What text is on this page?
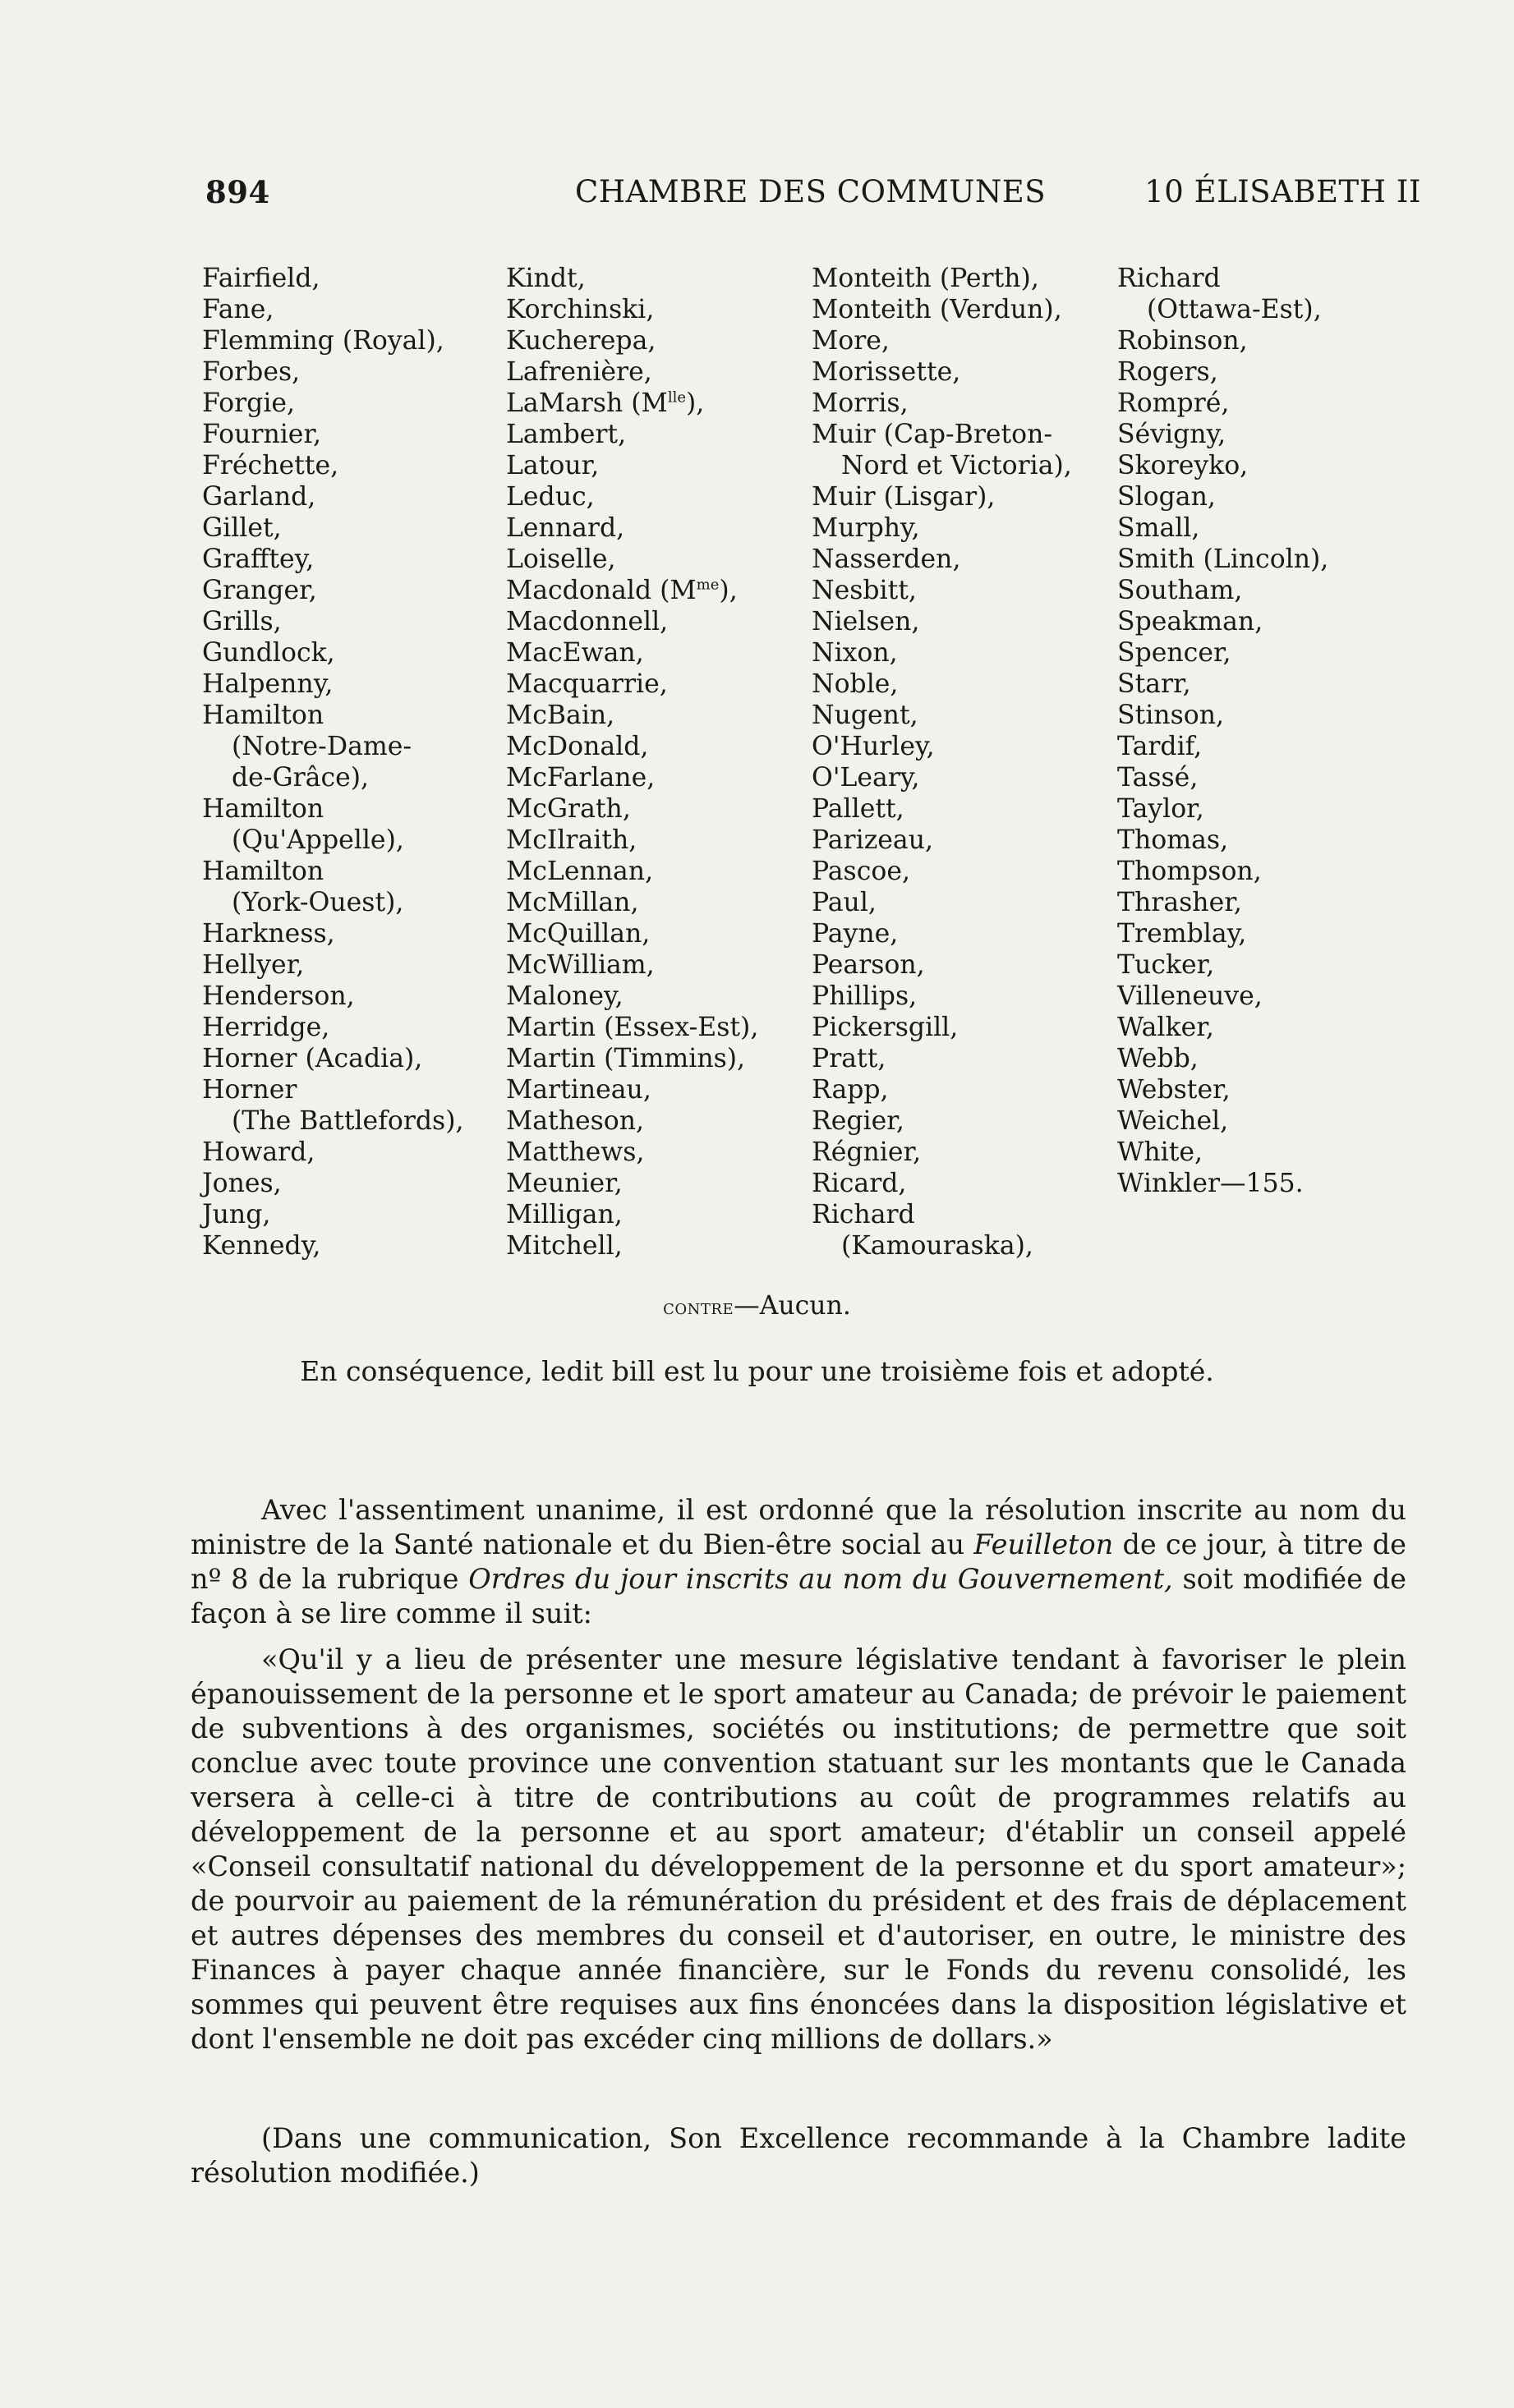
894	CHAMBRE DES COMMUNES	10 ÉLISABETH II
Fairfield,
Fane,
Flemming (Royal),
Forbes,
Forgie,
Fournier,
Fréchette,
Garland,
Gillet,
Grafftey,
Granger,
Grills,
Gundlock,
Halpenny,
Hamilton
(Notre-Dame-
de-Grâce),
Hamilton
(Qu'Appelle),
Hamilton
(York-Ouest),
Harkness,
Hellyer,
Henderson,
Herridge,
Horner (Acadia),
Horner
(The Battlefords),
Howard,
Jones,
Jung,
Kennedy,
Kindt,
Korchinski,
Kucherepa,
Lafrenière,
LaMarsh $(M^{lle})$,
Lambert,
Latour,
Leduc,
Lennard,
Loiselle,
Macdonald $(M^{me})$,
Macdonnell,
MacEwan,
Macquarrie,
McBain,
McDonald,
McFarlane,
McGrath,
McIlraith,
McLennan,
McMillan,
McQuillan,
McWilliam,
Maloney,
Martin (Essex-Est),
Martin (Timmins),
Martineau,
Matheson,
Matthews,
Meunier,
Milligan,
Mitchell,
Monteith (Perth),
Monteith (Verdun),
More,
Morissette,
Morris,
Muir (Cap-Breton-
Nord et Victoria),
Muir (Lisgar),
Murphy,
Nasserden,
Nesbitt,
Nielsen,
Nixon,
Noble,
Nugent,
O'Hurley,
O'Leary,
Pallett,
Parizeau,
Pascoe,
Paul,
Payne,
Pearson,
Phillips,
Pickersgill,
Pratt,
Rapp,
Regier,
Régnier,
Ricard,
Richard
(Kamouraska),
Richard
(Ottawa-Est),
Robinson,
Rogers,
Rompré,
Sévigny,
Skoreyko,
Slogan,
Small,
Smith (Lincoln),
Southam,
Speakman,
Spencer,
Starr,
Stinson,
Tardif,
Tassé,
Taylor,
Thomas,
Thompson,
Thrasher,
Tremblay,
Tucker,
Villeneuve,
Walker,
Webb,
Webster,
Weichel,
White,
Winkler—155.
contre—Aucun.
En conséquence, ledit bill est lu pour une troisième fois et adopté.

Avec l'assentiment unanime, il est ordonné que la résolution inscrite au nom du ministre de la Santé nationale et du Bien-être social au Feuilleton de ce jour, à titre de nº 8 de la rubrique Ordres du jour inscrits au nom du Gouvernement, soit modifiée de façon à se lire comme il suit:

«Qu'il y a lieu de présenter une mesure législative tendant à favoriser le plein épanouissement de la personne et le sport amateur au Canada; de prévoir le paiement de subventions à des organismes, sociétés ou institutions; de permettre que soit conclue avec toute province une convention statuant sur les montants que le Canada versera à celle-ci à titre de contributions au coût de programmes relatifs au développement de la personne et au sport amateur; d'établir un conseil appelé «Conseil consultatif national du développement de la personne et du sport amateur»; de pourvoir au paiement de la rémunération du président et des frais de déplacement et autres dépenses des membres du conseil et d'autoriser, en outre, le ministre des Finances à payer chaque année financière, sur le Fonds du revenu consolidé, les sommes qui peuvent être requises aux fins énoncées dans la disposition législative et dont l'ensemble ne doit pas excéder cinq millions de dollars.»

(Dans une communication, Son Excellence recommande à la Chambre ladite résolution modifiée.)
